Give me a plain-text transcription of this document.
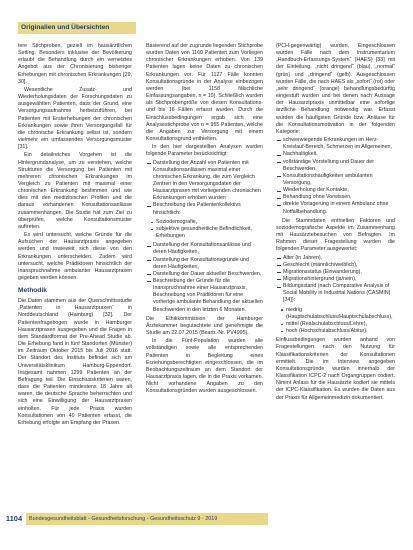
Originalien und Übersichten

tere Stichproben, gezielt im hausärztlichen Setting. Besonders inklusive der Bevölkerung erlaubt die Behandlung durch ein vernetztes Angebot aus der Chronisierung bisheriger Erhebungen mit chronischen Erkrankungen [29, 30].

Wesentliche Zusatz- und Wiederholungsdaten der Forschungsdaten zu ausgewählten Patienten, dass der Grund, eine Versorgungsaufnahme herbeizuführen, bei Patienten mit Ersterhebungen der chronischen Erkrankungen sowie ihren Versorgungsfall für die chronische Erkrankung selbst ist, sondern vielmehr ein umfassendes Versorgungsmuster [31].

Ein detailreiches Vorgehen ist die Hintergrundanalyse, um zu verstehen, welche Strukturen die Versorgung bei Patienten mit mehreren chronischen Erkrankungen im Vergleich zu Patienten mit maximal einer chronischen Erkrankung bestimmen und wie dies mit den medizinischen Profilen und die daraus vorhandenen Konsultationsanlässe zusammenhängen. Die Studie hat zum Ziel zu überprüfen, welche Konsultationsmuster auftreten.

Es wird untersucht, welche Gründe für die Aufsuchen der Hausarztpraxis angegeben werden und inwieweit sich diese von den Erkrankungen unterscheiden. Zudem wird untersucht, welche Prädiktoren hinsichtlich der Inanspruchnahme ambulanter Hausarztpraxen gegeben werden können.

Methodik

Die Daten stammen aus der Querschnittsstudie „Patienten in Hausarztpraxen“ in Norddeutschland (Hamburg) [32]. Der Patientenfragebogen wurde in Hamburger Hausarztpraxen ausgegeben und die Fragen in dem Standardformat der Pre-Ahead Studie ab. Die Erhebung fand in fünf Standorten (Münster) im Zeitraum Oktober 2015 bis Juli 2016 statt. Der Standort des Instituts befindet sich am Universitätsklinikum Hamburg-Eppendorf. Insgesamt nahmen 1299 Patienten an der Befragung teil. Die Einschlusskriterien waren, dass die Patienten mindestens 18 Jahre alt waren, die deutsche Sprache beherrschten und sich eine Einwilligung der Hausarztpraxen einholten. Für jede Praxis wurden Konsultationen von 40 Patienten erfasst, die Erhebung erfolgte am Empfang der Praxen.

Basierend auf der zugrunde liegenden Stichprobe wurden Daten von 1160 Patienten zum Vorliegen chronischer Erkrankungen erhoben. Von 139 Patienten lagen keine Daten zu chronischen Erkrankungen vor. Für 1127 Fälle konnten Konsultationsgründe in der Analyse einbezogen werden (bei 1158 fälschliche Einfassungsangaben, n = 10). Schließlich wurden als Stichprobengröße von diesen Konsultations- und bis 16 Fällen erfasst wurden. Durch die Einschlussbedingungen ergab sich eine Analysestichprobe von n = 955 Patienten, welche die Angaben zur Versorgung mit einem Konsultationsgrund enthielten.

In den hier dargestellten Analysen wurden folgende Parameter berücksichtigt:

Darstellung der Anzahl von Patienten mit Konsultationsanlässen maximal einer chronischen Erkrankung, die zum Vergleich Zentren in den Versorgungsdaten der Hausarztpraxen mit vorliegenden chronischen Erkrankungen erhoben wurden
Beschreibung des Patientenkollektivs hinsichtlich:
Soziodemografie,
subjektive gesundheitliche Befindlichkeit, Erhebungen
Darstellung der Konsultationsanlässe und deren Häufigkeiten,
Darstellung der Konsultationsgründe und deren Häufigkeiten,
Darstellung der Dauer aktueller Beschwerden,
Beschreibung der Gründe für die Inanspruchnahme einer Hausarztpraxis, Beschreibung von Prädiktoren für eine vorherige ambulante Behandlung der aktuellen Beschwerden in den letzten 6 Monaten.

Die Ethikkommission der Hamburger Ärztekammer begutachtete und genehmigte die Studie am 22.07.2015 (Bearb.-Nr. PV4995).

In die Fünf-Population wurden alle vollständigen sowie alle entsprechenden Patienten in Begleitung eines Erziehungsberechtigten eingeschlossen, die im Beobachtungszeitraum an dem Standort der Hausarztpraxis lagen, die in die Praxis vorkamen. Nicht vorhandene Angaben zu den Konsultationsgründen wurden ausgeschlossen.

(PCH-gegenwärtig) wurden, Eingeschlossen wurden Fälle nach dem Instrumentarium „Handbuch-Erfassungs-System“ (HAES) [33] mit der Einteilung, „nicht dringend“ (blau), „normal“ (grün) und „dringend“ (gelb). Ausgeschlossen wurden Fälle, die nach HAES als „sofort“ (rot) oder „sehr dringend“ (orange) behandlungsbedürftig eingestuft wurden und bei denen nach Aussage der Hausarztpraxis unmittelbar eine sofortige ärztliche Behandlung notwendig war. Erfasst wurden die häufigsten Gründe bzw. Anlässe für die Konsultationsmotivation in der folgenden Kategorie:

schwerwiegende Erkrankungen im Herz-Kreislauf-Bereich, Schmerzen im Allgemeinen,
Nachhaltigkeit,
vollständige Vorstellung und Dauer der Beschwerden,
Konsultationshäufigkeiten ambulanten Versorgung,
Wiederholung der Kontakte,
Behandlung ohne Vorwissen,
direkte Vorlagerung in einem Ambulanz ohne Notfallbehandlung.

Die Stammdaten enthielten Faktoren und soziodemografische Aspekte im Zusammenhang mit Hausärztebesuchen von Befragten. Im Rahmen dieser Fragestellung wurden die folgenden Parameter ausgewertet:

Alter (in Jahren),
Geschlecht (männlich/weiblich),
Migrationsstatus (Einwanderung),
Migrationshintergrund (ja/nein),
Bildungsstand (nach Comparative Analysis of Social Mobility in Industrial Nations (CASMIN) [34]):
niedrig (Hauptschulabschluss/Hauptschulabschluss),
mittel (Realschulabschluss/Lehre),
hoch (Hochschulabschluss/Abitur).

Einflussbedingungen wurden anhand von Fragestellungen nach den Nutzung für Klassifikationskriterien der Konsultationen ermittelt. Die im Interview angegeben Konsultationsgründe wurden innerhalb der Klassifikation ICPC-2 nach Organgruppen codiert. Nimmt Anlass für die Hausärzte kodiert sie mittels der ICPC-Klassifikation. Es wurden die Daten aus der Praxis für Allgemeinmedizin dokumentiert.

1104	Bundesgesundheitsblatt - Gesundheitsforschung - Gesundheitsschutz 9 · 2019
